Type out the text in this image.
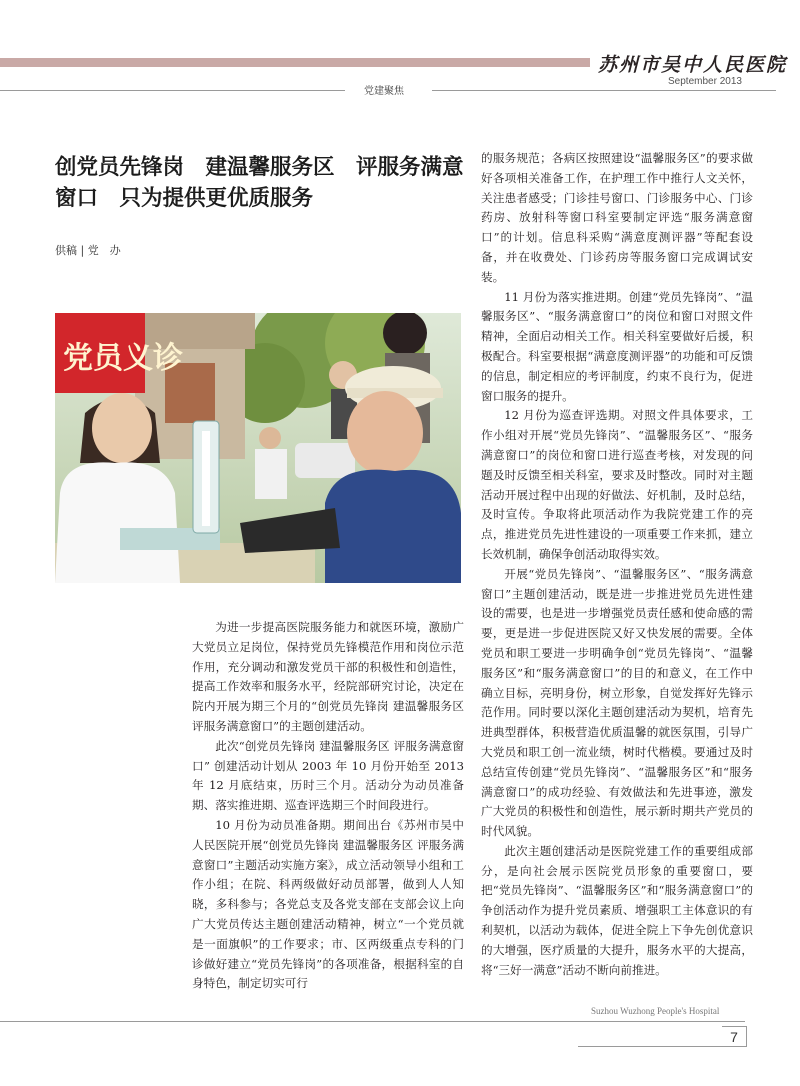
苏州市吴中人民医院
September 2013
党建聚焦
创党员先锋岗　建温馨服务区　评服务满意窗口　只为提供更优质服务
供稿 | 党　办
党员义诊

为进一步提高医院服务能力和就医环境，激励广大党员立足岗位，保持党员先锋模范作用和岗位示范作用，充分调动和激发党员干部的积极性和创造性，提高工作效率和服务水平，经院部研究讨论，决定在院内开展为期三个月的“创党员先锋岗 建温馨服务区 评服务满意窗口”的主题创建活动。

此次“创党员先锋岗 建温馨服务区 评服务满意窗口” 创建活动计划从 2003 年 10 月份开始至 2013 年 12 月底结束，历时三个月。活动分为动员准备期、落实推进期、巡查评选期三个时间段进行。

10 月份为动员准备期。期间出台《苏州市吴中人民医院开展“创党员先锋岗 建温馨服务区 评服务满意窗口”主题活动实施方案》，成立活动领导小组和工作小组；在院、科两级做好动员部署，做到人人知晓，多科参与；各党总支及各党支部在支部会议上向广大党员传达主题创建活动精神，树立“一个党员就是一面旗帜”的工作要求；市、区两级重点专科的门诊做好建立“党员先锋岗”的各项准备，根据科室的自身特色，制定切实可行

的服务规范；各病区按照建设“温馨服务区”的要求做好各项相关准备工作，在护理工作中推行人文关怀，关注患者感受；门诊挂号窗口、门诊服务中心、门诊药房、放射科等窗口科室要制定评选“服务满意窗口”的计划。信息科采购“满意度测评器”等配套设备，并在收费处、门诊药房等服务窗口完成调试安装。

11 月份为落实推进期。创建“党员先锋岗”、“温馨服务区”、“服务满意窗口”的岗位和窗口对照文件精神，全面启动相关工作。相关科室要做好后援，积极配合。科室要根据“满意度测评器”的功能和可反馈的信息，制定相应的考评制度，约束不良行为，促进窗口服务的提升。

12 月份为巡查评选期。对照文件具体要求，工作小组对开展“党员先锋岗”、“温馨服务区”、“服务满意窗口”的岗位和窗口进行巡查考核，对发现的问题及时反馈至相关科室，要求及时整改。同时对主题活动开展过程中出现的好做法、好机制，及时总结，及时宣传。争取将此项活动作为我院党建工作的亮点，推进党员先进性建设的一项重要工作来抓，建立长效机制，确保争创活动取得实效。

开展“党员先锋岗”、“温馨服务区”、“服务满意窗口”主题创建活动，既是进一步推进党员先进性建设的需要，也是进一步增强党员责任感和使命感的需要，更是进一步促进医院又好又快发展的需要。全体党员和职工要进一步明确争创“党员先锋岗”、“温馨服务区”和“服务满意窗口”的目的和意义，在工作中确立目标，亮明身份，树立形象，自觉发挥好先锋示范作用。同时要以深化主题创建活动为契机，培育先进典型群体，积极营造优质温馨的就医氛围，引导广大党员和职工创一流业绩，树时代楷模。要通过及时总结宣传创建“党员先锋岗”、“温馨服务区”和“服务满意窗口”的成功经验、有效做法和先进事迹，激发广大党员的积极性和创造性，展示新时期共产党员的时代风貌。

此次主题创建活动是医院党建工作的重要组成部分，是向社会展示医院党员形象的重要窗口，要把“党员先锋岗”、“温馨服务区”和“服务满意窗口”的争创活动作为提升党员素质、增强职工主体意识的有利契机，以活动为载体，促进全院上下争先创优意识的大增强，医疗质量的大提升，服务水平的大提高，将“三好一满意”活动不断向前推进。

Suzhou Wuzhong People's Hospital
7
